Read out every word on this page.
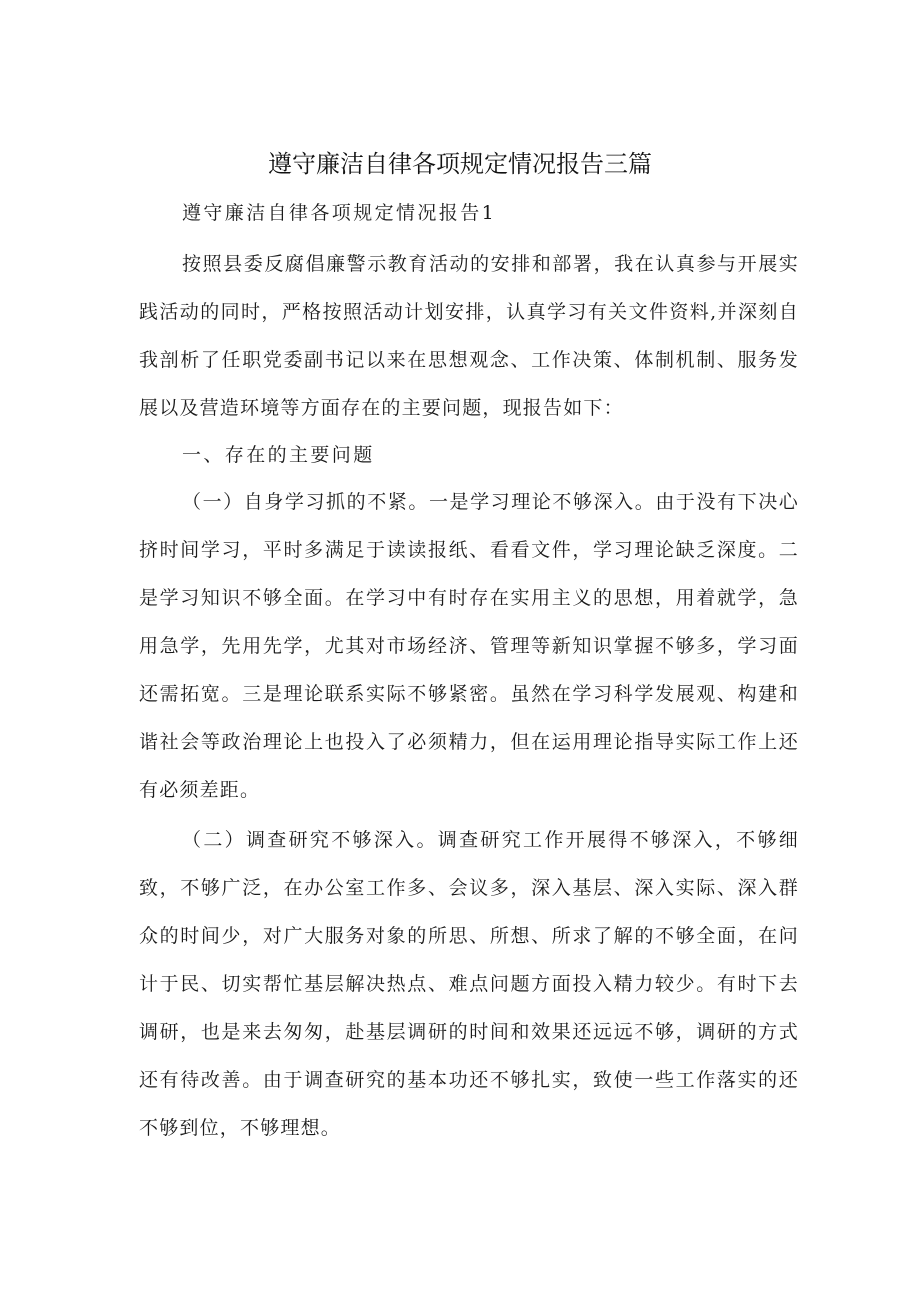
遵守廉洁自律各项规定情况报告三篇
遵守廉洁自律各项规定情况报告1
按照县委反腐倡廉警示教育活动的安排和部署，我在认真参与开展实践活动的同时，严格按照活动计划安排，认真学习有关文件资料,并深刻自我剖析了任职党委副书记以来在思想观念、工作决策、体制机制、服务发展以及营造环境等方面存在的主要问题，现报告如下：
一、存在的主要问题
（一）自身学习抓的不紧。一是学习理论不够深入。由于没有下决心挤时间学习，平时多满足于读读报纸、看看文件，学习理论缺乏深度。二是学习知识不够全面。在学习中有时存在实用主义的思想，用着就学，急用急学，先用先学，尤其对市场经济、管理等新知识掌握不够多，学习面还需拓宽。三是理论联系实际不够紧密。虽然在学习科学发展观、构建和谐社会等政治理论上也投入了必须精力，但在运用理论指导实际工作上还有必须差距。
（二）调查研究不够深入。调查研究工作开展得不够深入，不够细致，不够广泛，在办公室工作多、会议多，深入基层、深入实际、深入群众的时间少，对广大服务对象的所思、所想、所求了解的不够全面，在问计于民、切实帮忙基层解决热点、难点问题方面投入精力较少。有时下去调研，也是来去匆匆，赴基层调研的时间和效果还远远不够，调研的方式还有待改善。由于调查研究的基本功还不够扎实，致使一些工作落实的还不够到位，不够理想。
